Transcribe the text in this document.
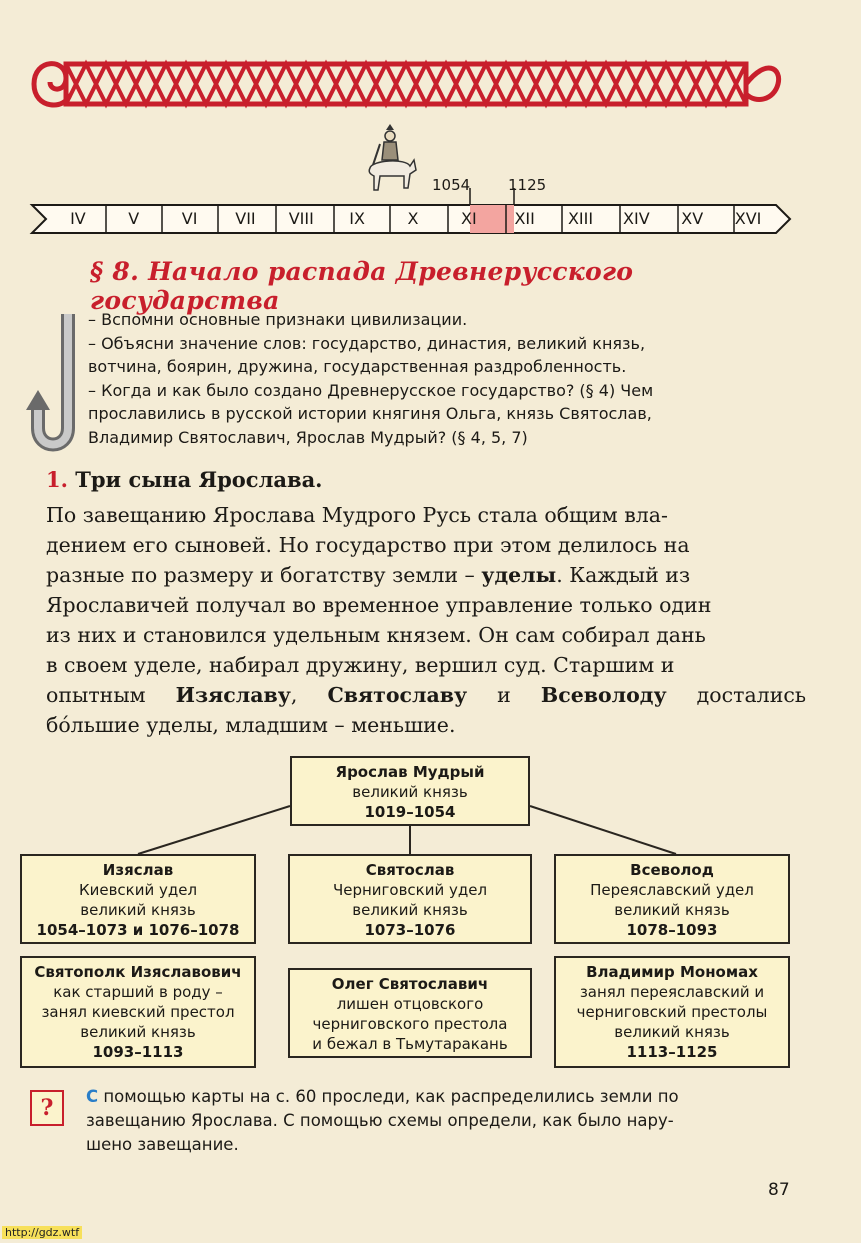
1054	1125
IV	V	VI	VII	VIII	IX	X	XI	XII	XIII	XIV	XV	XVI
§ 8. Начало распада Древнерусского государства
– Вспомни основные признаки цивилизации.
– Объясни значение слов: государство, династия, великий князь,
вотчина, боярин, дружина, государственная раздробленность.
– Когда и как было создано Древнерусское государство? (§ 4) Чем
прославились в русской истории княгиня Ольга, князь Святослав,
Владимир Святославич, Ярослав Мудрый? (§ 4, 5, 7)
1. Три сына Ярослава.
По завещанию Ярослава Мудрого Русь стала общим вла-
дением его сыновей. Но государство при этом делилось на
разные по размеру и богатству земли –
уделы . Каждый из
Ярославичей получал во временное управление только один
из них и становился удельным князем. Он сам собирал дань
в своем уделе, набирал дружину, вершил суд. Старшим и
опытным Изяславу, Святославу и Всеволоду достались
бóльшие уделы, младшим – меньшие.
Ярослав Мудрый
великий князь
1019–1054
Изяслав
Киевский удел
великий князь
1054–1073 и 1076–1078
Святослав
Черниговский удел
великий князь
1073–1076
Всеволод
Переяславский удел
великий князь
1078–1093
Святополк Изяславович
как старший в роду –
занял киевский престол
великий князь
1093–1113
Олег Святославич
лишен отцовского
черниговского престола
и бежал в Тьмутаракань
Владимир Мономах
занял переяславский и
черниговский престолы
великий князь
1113–1125
?	С помощью карты на с. 60 проследи, как распределились земли по
завещанию Ярослава. С помощью схемы определи, как было нару-
шено завещание.
87
http://gdz.wtf
